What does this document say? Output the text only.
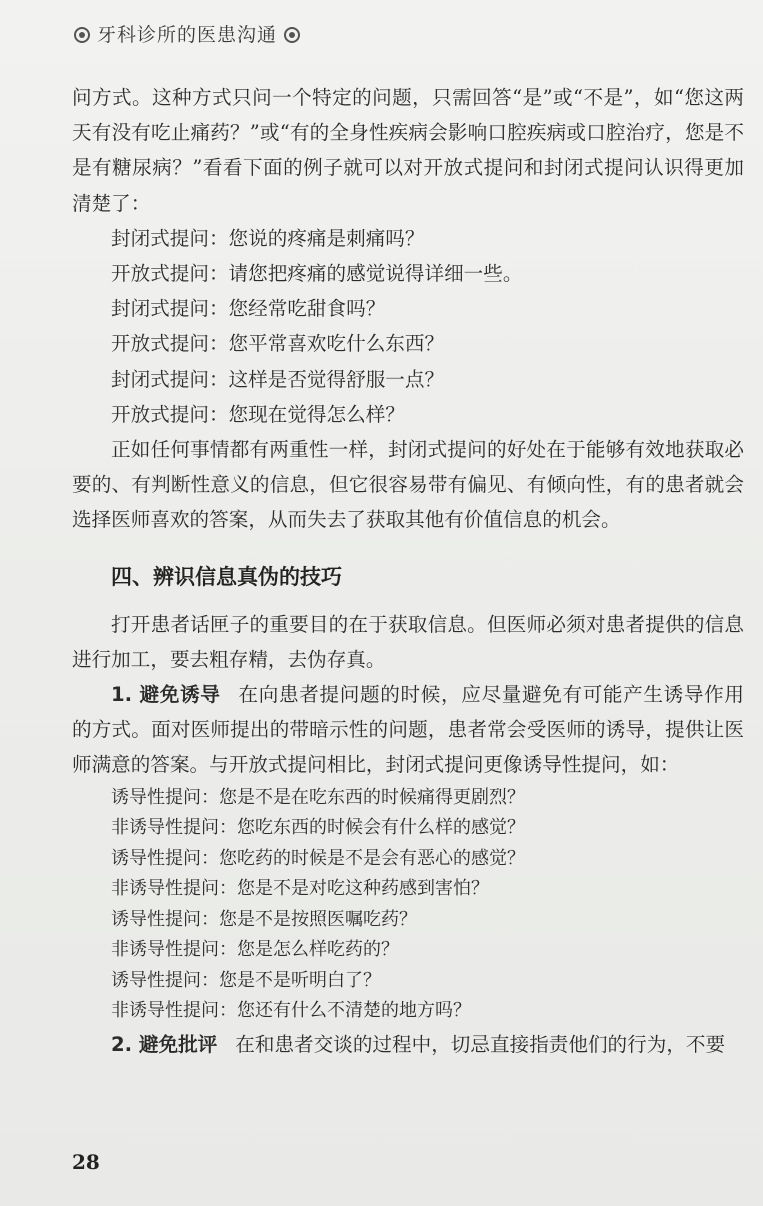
牙科诊所的医患沟通

问方式。这种方式只问一个特定的问题，只需回答“是”或“不是”，如“您这两天有没有吃止痛药？”或“有的全身性疾病会影响口腔疾病或口腔治疗，您是不是有糖尿病？”看看下面的例子就可以对开放式提问和封闭式提问认识得更加清楚了：

封闭式提问：您说的疼痛是刺痛吗？
开放式提问：请您把疼痛的感觉说得详细一些。
封闭式提问：您经常吃甜食吗？
开放式提问：您平常喜欢吃什么东西？
封闭式提问：这样是否觉得舒服一点？
开放式提问：您现在觉得怎么样？

正如任何事情都有两重性一样，封闭式提问的好处在于能够有效地获取必要的、有判断性意义的信息，但它很容易带有偏见、有倾向性，有的患者就会选择医师喜欢的答案，从而失去了获取其他有价值信息的机会。

四、辨识信息真伪的技巧

打开患者话匣子的重要目的在于获取信息。但医师必须对患者提供的信息进行加工，要去粗存精，去伪存真。

1. 避免诱导 在向患者提问题的时候，应尽量避免有可能产生诱导作用的方式。面对医师提出的带暗示性的问题，患者常会受医师的诱导，提供让医师满意的答案。与开放式提问相比，封闭式提问更像诱导性提问，如：

诱导性提问：您是不是在吃东西的时候痛得更剧烈？
非诱导性提问：您吃东西的时候会有什么样的感觉？
诱导性提问：您吃药的时候是不是会有恶心的感觉？
非诱导性提问：您是不是对吃这种药感到害怕？
诱导性提问：您是不是按照医嘱吃药？
非诱导性提问：您是怎么样吃药的？
诱导性提问：您是不是听明白了？
非诱导性提问：您还有什么不清楚的地方吗？

2. 避免批评 在和患者交谈的过程中，切忌直接指责他们的行为，不要

28
